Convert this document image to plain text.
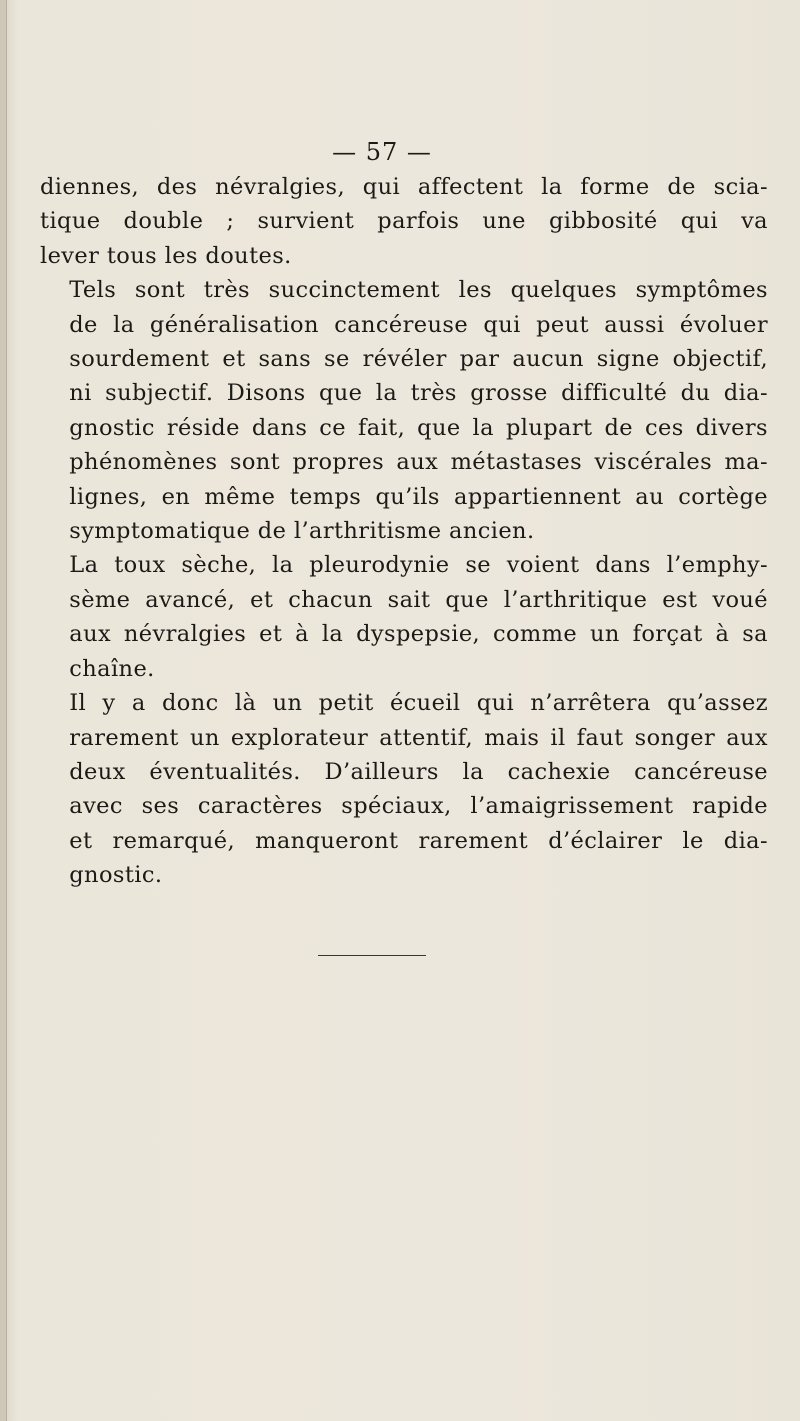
— 57 —

diennes, des névralgies, qui affectent la forme de scia-
tique double ; survient parfois une gibbosité qui va
lever tous les doutes.

Tels sont très succinctement les quelques symptômes
de la généralisation cancéreuse qui peut aussi évoluer
sourdement et sans se révéler par aucun signe objectif,
ni subjectif. Disons que la très grosse difficulté du dia-
gnostic réside dans ce fait, que la plupart de ces divers
phénomènes sont propres aux métastases viscérales ma-
lignes, en même temps qu’ils appartiennent au cortège
symptomatique de l’arthritisme ancien.

La toux sèche, la pleurodynie se voient dans l’emphy-
sème avancé, et chacun sait que l’arthritique est voué
aux névralgies et à la dyspepsie, comme un forçat à sa
chaîne.

Il y a donc là un petit écueil qui n’arrêtera qu’assez
rarement un explorateur attentif, mais il faut songer aux
deux éventualités. D’ailleurs la cachexie cancéreuse
avec ses caractères spéciaux, l’amaigrissement rapide
et remarqué, manqueront rarement d’éclairer le dia-
gnostic.
